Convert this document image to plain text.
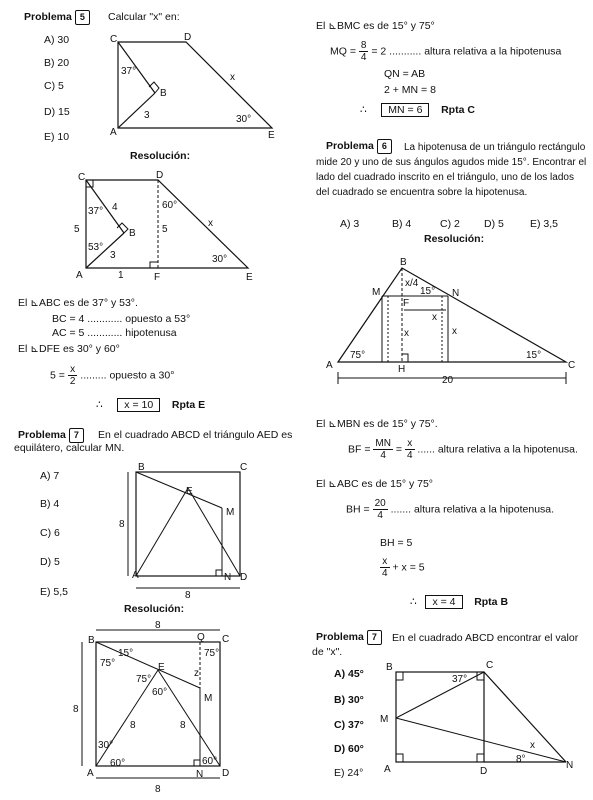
Problema 5	Calcular "x" en:
A) 30
B) 20
C) 5
D) 15
E) 10
C	D
A	E
B
37°
3
x
30°
Resolución:
C	D
A	F	E
B
37° 4
5	5
53°
3
1
60°
x
30°
El ⊾ABC es de 37° y 53°.
BC = 4 ............ opuesto a 53°
AC = 5 ............ hipotenusa
El ⊾DFE es 30° y 60°
$5 = \frac{x}{2}$ ......... opuesto a 30°
∴ x = 10 Rpta E
Problema 7	En el cuadrado ABCD el triángulo AED es equilátero, calcular MN.
A) 7
B) 4
C) 6
D) 5
E) 5,5
B	C
A	D
E
M
N
8
8
Resolución:
B	Q C
A	N D
E
M
8
8
8
15°
75°
75°
75°
60°
60°	60°
30°
8	8
z
El ⊾BMC es de 15° y 75°
MQ = $\frac{8}{4} = 2$ ........... altura relativa a la hipotenusa
QN = AB
2 + MN = 8
∴ MN = 6 Rpta C
Problema 6	La hipotenusa de un triángulo rectángulo mide 20 y uno de sus ángulos agudos mide 15°. Encontrar el lado del cuadrado inscrito en el triángulo, uno de los lados del cuadrado se encuentra sobre la hipotenusa.
A) 3	B) 4	C) 2 D) 5 E) 3,5
Resolución:
B
M	N
F
A	H	C
x
x	x
x/4
75°
15°
15°
20
El ⊾MBN es de 15° y 75°.
BF = $\frac{MN}{4} = \frac{x}{4}$ ...... altura relativa a la hipotenusa.
El ⊾ABC es de 15° y 75°
BH = $\frac{20}{4}$ ....... altura relativa a la hipotenusa.
BH = 5
$\frac{x}{4} + x = 5$
∴ x = 4 Rpta B
Problema 7	En el cuadrado ABCD encontrar el valor de "x".
A) 45°
B) 30°
C) 37°
D) 60°
E) 24°
B	C
M
A	D
N
37°
8°
x
